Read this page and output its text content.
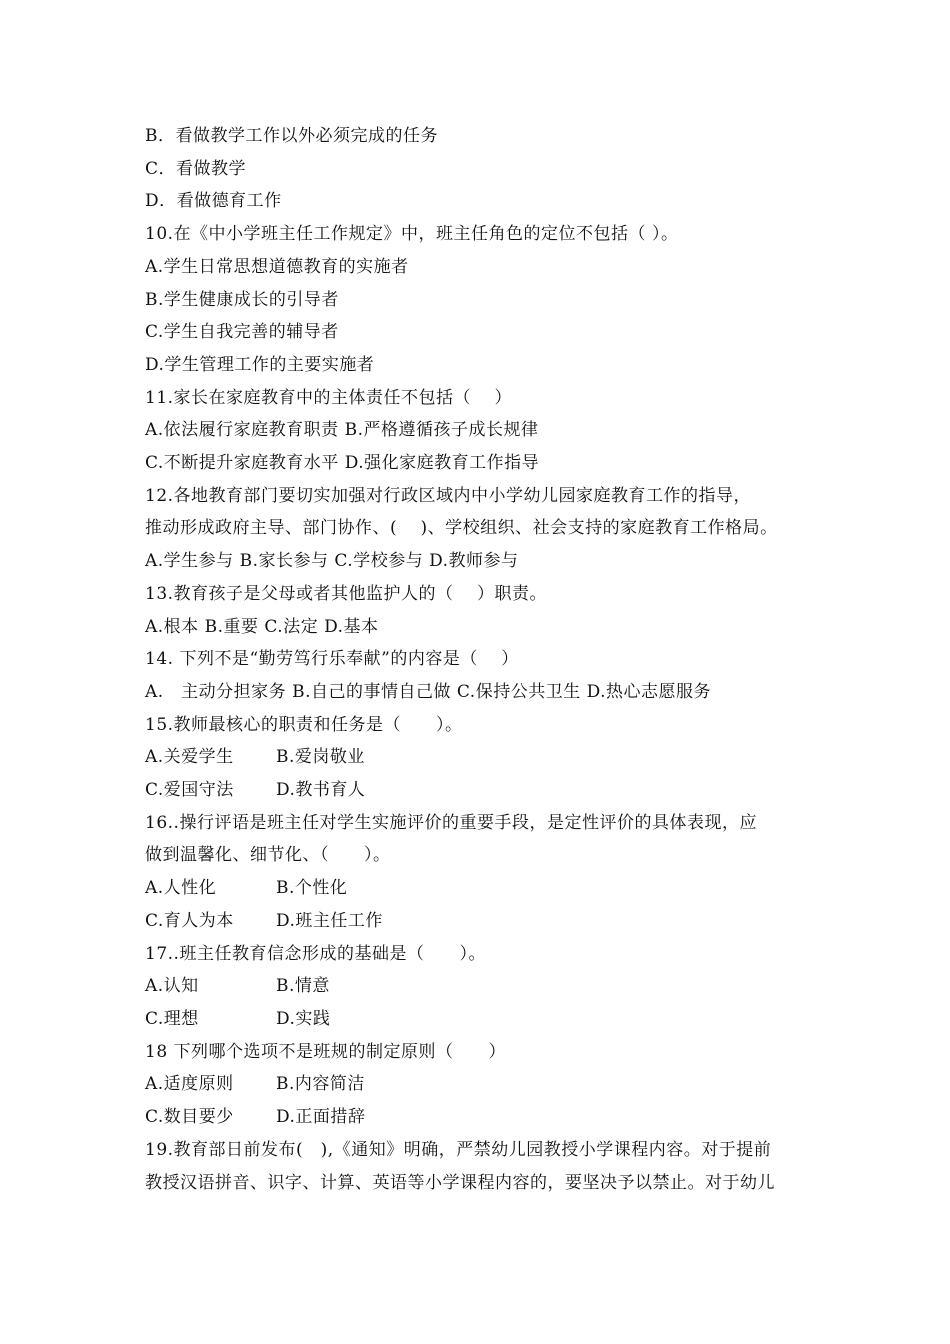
B．看做教学工作以外必须完成的任务
C．看做教学
D．看做德育工作
10.在《中小学班主任工作规定》中，班主任角色的定位不包括（ ）。
A.学生日常思想道德教育的实施者
B.学生健康成长的引导者
C.学生自我完善的辅导者
D.学生管理工作的主要实施者
11.家长在家庭教育中的主体责任不包括（　 ）
A.依法履行家庭教育职责 B.严格遵循孩子成长规律
C.不断提升家庭教育水平 D.强化家庭教育工作指导
12.各地教育部门要切实加强对行政区域内中小学幼儿园家庭教育工作的指导，
推动形成政府主导、部门协作、(　 )、学校组织、社会支持的家庭教育工作格局。
A.学生参与 B.家长参与 C.学校参与 D.教师参与
13.教育孩子是父母或者其他监护人的（　 ）职责。
A.根本 B.重要 C.法定 D.基本
14. 下列不是“勤劳笃行乐奉献”的内容是（　 ）
A.　主动分担家务 B.自己的事情自己做 C.保持公共卫生 D.热心志愿服务
15.教师最核心的职责和任务是（　　）。
A.关爱学生	B.爱岗敬业
C.爱国守法	D.教书育人
16..操行评语是班主任对学生实施评价的重要手段，是定性评价的具体表现，应
做到温馨化、细节化、（　　）。
A.人性化	B.个性化
C.育人为本	D.班主任工作
17..班主任教育信念形成的基础是（　　）。
A.认知	B.情意
C.理想	D.实践
18 下列哪个选项不是班规的制定原则（　　）
A.适度原则	B.内容简洁
C.数目要少	D.正面措辞
19.教育部日前发布(　),《通知》明确，严禁幼儿园教授小学课程内容。对于提前
教授汉语拼音、识字、计算、英语等小学课程内容的，要坚决予以禁止。对于幼儿
